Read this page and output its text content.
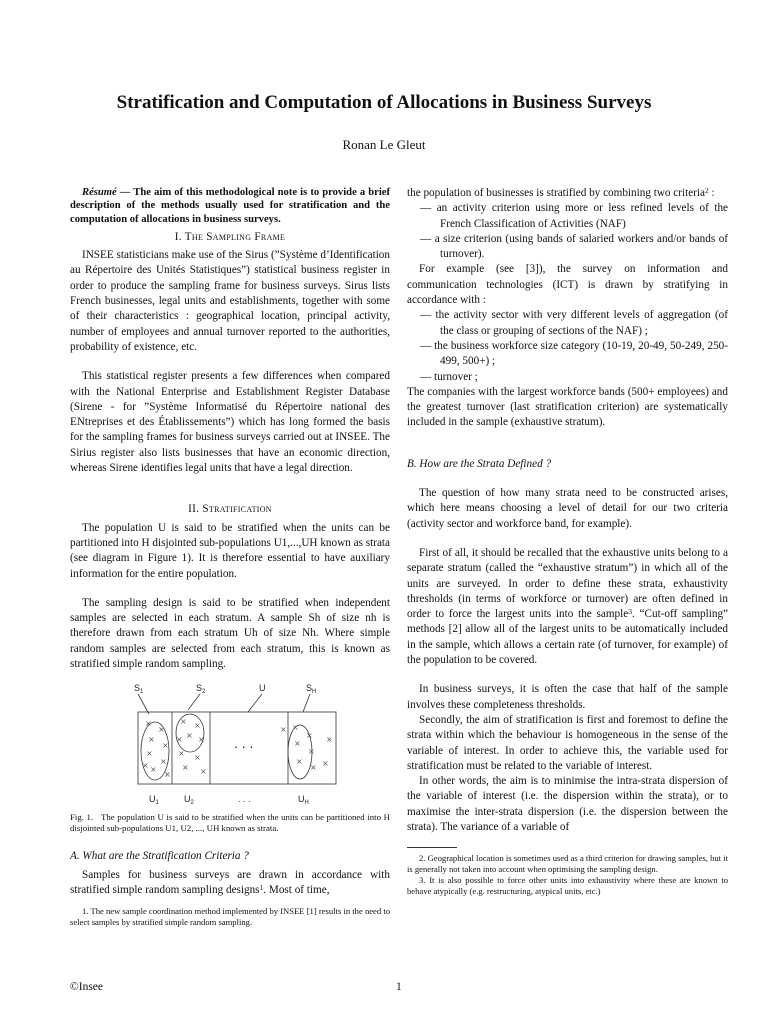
Stratification and Computation of Allocations in Business Surveys
Ronan Le Gleut

Résumé — The aim of this methodological note is to provide a brief description of the methods usually used for stratification and the computation of allocations in business surveys.

I. The Sampling Frame

INSEE statisticians make use of the Sirus (”Système d’Identification au Répertoire des Unités Statistiques”) statistical business register in order to produce the sampling frame for business surveys. Sirus lists French businesses, legal units and establishments, together with some of their characteristics : geographical location, principal activity, number of employees and annual turnover reported to the authorities, probability of existence, etc.

This statistical register presents a few differences when compared with the National Enterprise and Establishment Register Database (Sirene - for ”Système Informatisé du Répertoire national des ENtreprises et des Établissements”) which has long formed the basis for the sampling frames for business surveys carried out at INSEE. The Sirius register also lists businesses that have an economic direction, whereas Sirene identifies legal units that have a legal direction.

II. Stratification

The population U is said to be stratified when the units can be partitioned into H disjointed sub-populations U1,...,UH known as strata (see diagram in Figure 1). It is therefore essential to have auxiliary information for the entire population.

The sampling design is said to be stratified when independent samples are selected in each stratum. A sample Sh of size nh is therefore drawn from each stratum Uh of size Nh. Where simple random samples are selected from each stratum, this is known as stratified simple random sampling.

$S_1$	$S_2$	U	$S_H$
$U_1$	$U_2$	. . .	$U_H$
. . .
×
×
×
×
×
×
×
×
×
× ×
× ×
× ×
× ×
×
×
×
×
×
×
×
×
×
×

Fig. 1. The population U is said to be stratified when the units can be partitioned into H disjointed sub-populations U1, U2, ..., UH known as strata.

A. What are the Stratification Criteria ?

Samples for business surveys are drawn in accordance with stratified simple random sampling designs$^1$. Most of time,

1. The new sample coordination method implemented by INSEE [1] results in the need to select samples by stratified simple random sampling.

the population of businesses is stratified by combining two criteria$^2$ :

— an activity criterion using more or less refined levels of the French Classification of Activities (NAF)

— a size criterion (using bands of salaried workers and/or bands of turnover).

For example (see [3]), the survey on information and communication technologies (ICT) is drawn by stratifying in accordance with :

— the activity sector with very different levels of aggregation (of the class or grouping of sections of the NAF) ;

— the business workforce size category (10-19, 20-49, 50-249, 250-499, 500+) ;

— turnover ;

The companies with the largest workforce bands (500+ employees) and the greatest turnover (last stratification criterion) are systematically included in the sample (exhaustive stratum).

B. How are the Strata Defined ?

The question of how many strata need to be constructed arises, which here means choosing a level of detail for our two criteria (activity sector and workforce band, for example).

First of all, it should be recalled that the exhaustive units belong to a separate stratum (called the “exhaustive stratum”) in which all of the units are surveyed. In order to define these strata, exhaustivity thresholds (in terms of workforce or turnover) are often defined in order to force the largest units into the sample$^3$. “Cut-off sampling” methods [2] allow all of the largest units to be automatically included in the sample, which allows a certain rate (of turnover, for example) of the population to be covered.

In business surveys, it is often the case that half of the sample involves these completeness thresholds.

Secondly, the aim of stratification is first and foremost to define the strata within which the behaviour is homogeneous in the sense of the variable of interest. In order to achieve this, the variable used for stratification must be related to the variable of interest.

In other words, the aim is to minimise the intra-strata dispersion of the variable of interest (i.e. the dispersion within the strata), or to maximise the inter-strata dispersion (i.e. the dispersion between the strata). The variance of a variable of

2. Geographical location is sometimes used as a third criterion for drawing samples, but it is generally not taken into account when optimising the sampling design.

3. It is also possible to force other units into exhaustivity where these are known to behave atypically (e.g. restructuring, atypical units, etc.)

©Insee	1
